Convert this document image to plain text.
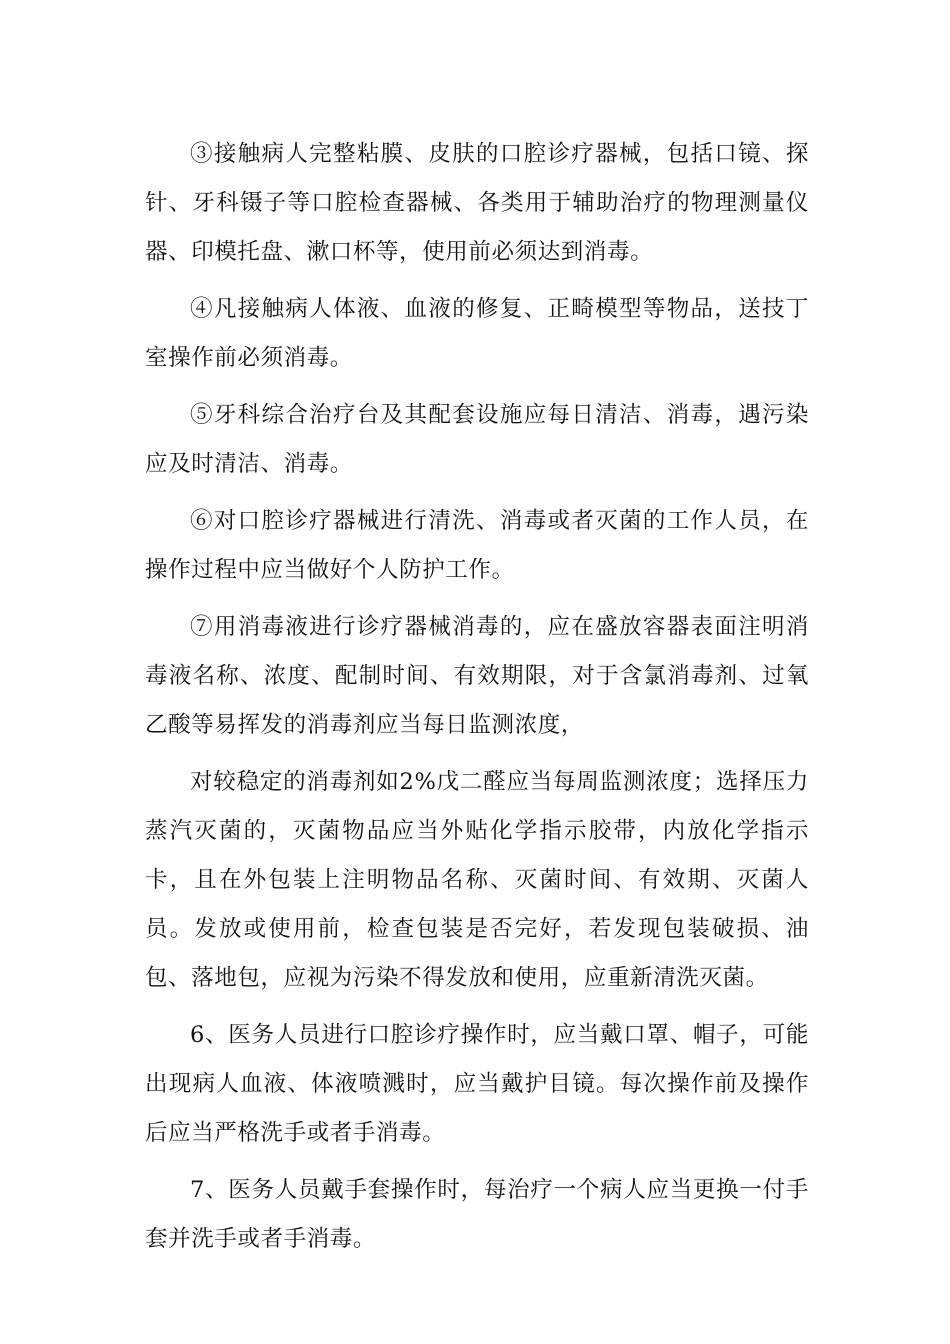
③接触病人完整粘膜、皮肤的口腔诊疗器械，包括口镜、探针、牙科镊子等口腔检查器械、各类用于辅助治疗的物理测量仪器、印模托盘、漱口杯等，使用前必须达到消毒。

④凡接触病人体液、血液的修复、正畸模型等物品，送技丁室操作前必须消毒。

⑤牙科综合治疗台及其配套设施应每日清洁、消毒，遇污染应及时清洁、消毒。

⑥对口腔诊疗器械进行清洗、消毒或者灭菌的工作人员，在操作过程中应当做好个人防护工作。

⑦用消毒液进行诊疗器械消毒的，应在盛放容器表面注明消毒液名称、浓度、配制时间、有效期限，对于含氯消毒剂、过氧乙酸等易挥发的消毒剂应当每日监测浓度，

对较稳定的消毒剂如2%戊二醛应当每周监测浓度；选择压力蒸汽灭菌的，灭菌物品应当外贴化学指示胶带，内放化学指示卡，且在外包装上注明物品名称、灭菌时间、有效期、灭菌人员。发放或使用前，检查包装是否完好，若发现包装破损、油包、落地包，应视为污染不得发放和使用，应重新清洗灭菌。

6、医务人员进行口腔诊疗操作时，应当戴口罩、帽子，可能出现病人血液、体液喷溅时，应当戴护目镜。每次操作前及操作后应当严格洗手或者手消毒。

7、医务人员戴手套操作时，每治疗一个病人应当更换一付手套并洗手或者手消毒。
